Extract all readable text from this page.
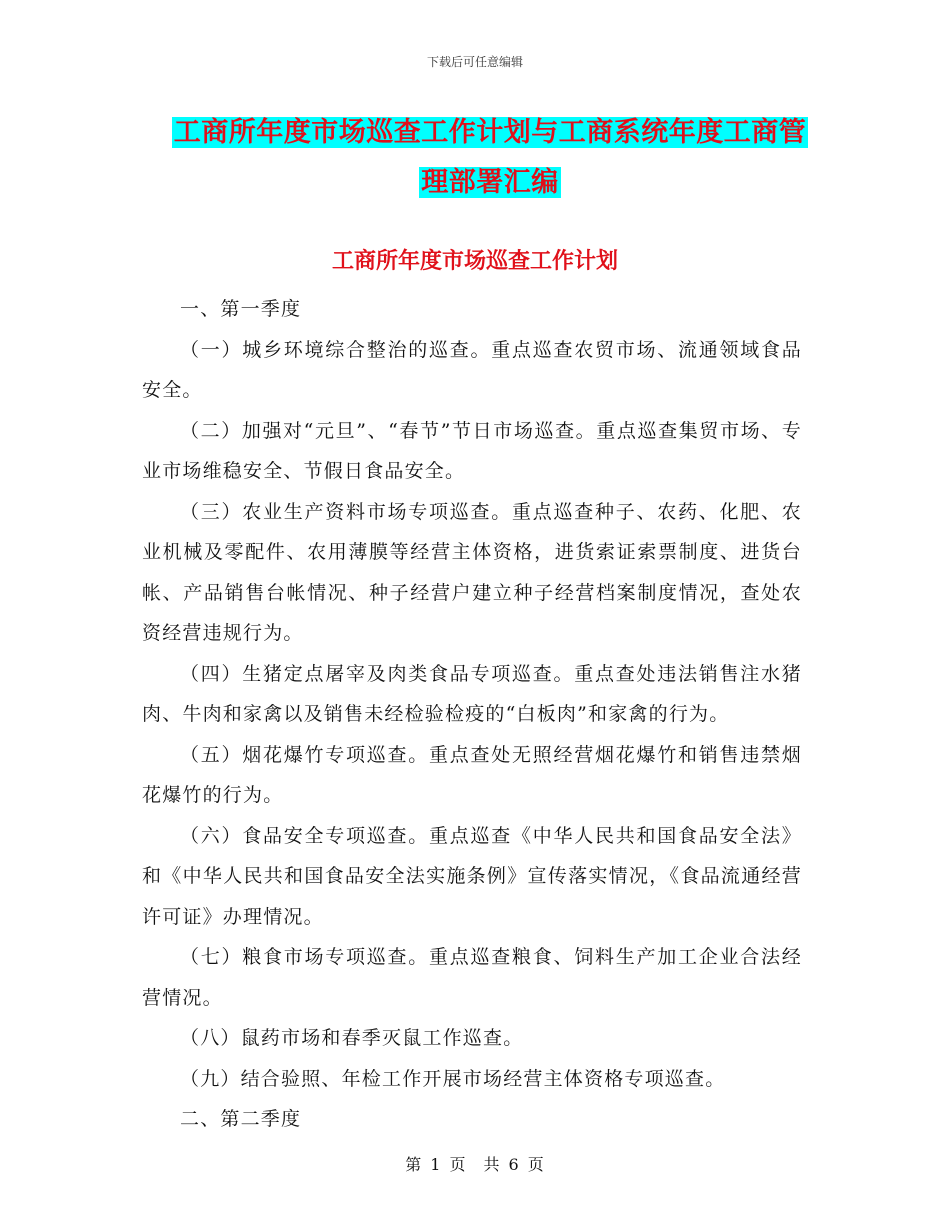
下载后可任意编辑
工商所年度市场巡查工作计划与工商系统年度工商管
理部署汇编
工商所年度市场巡查工作计划

一、第一季度

（一）城乡环境综合整治的巡查。重点巡查农贸市场、流通领域食品安全。

（二）加强对“元旦”、“春节”节日市场巡查。重点巡查集贸市场、专业市场维稳安全、节假日食品安全。

（三）农业生产资料市场专项巡查。重点巡查种子、农药、化肥、农业机械及零配件、农用薄膜等经营主体资格，进货索证索票制度、进货台帐、产品销售台帐情况、种子经营户建立种子经营档案制度情况，查处农资经营违规行为。

（四）生猪定点屠宰及肉类食品专项巡查。重点查处违法销售注水猪肉、牛肉和家禽以及销售未经检验检疫的“白板肉”和家禽的行为。

（五）烟花爆竹专项巡查。重点查处无照经营烟花爆竹和销售违禁烟花爆竹的行为。

（六）食品安全专项巡查。重点巡查《中华人民共和国食品安全法》和《中华人民共和国食品安全法实施条例》宣传落实情况，《食品流通经营许可证》办理情况。

（七）粮食市场专项巡查。重点巡查粮食、饲料生产加工企业合法经营情况。

（八）鼠药市场和春季灭鼠工作巡查。

（九）结合验照、年检工作开展市场经营主体资格专项巡查。

二、第二季度

第 1 页　共 6 页
